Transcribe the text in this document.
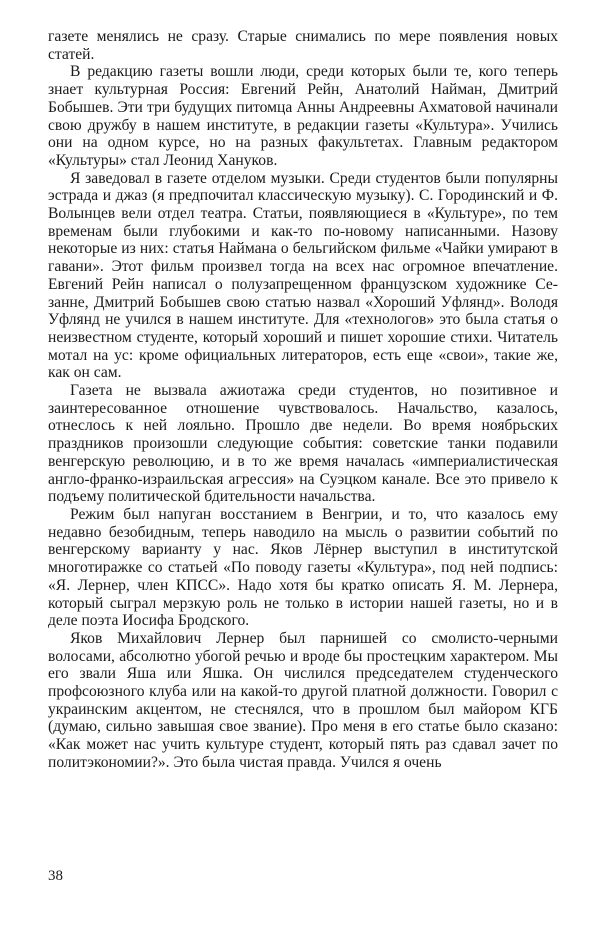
газете менялись не сразу. Старые снимались по мере появления новых статей.

В редакцию газеты вошли люди, среди которых были те, кого теперь знает культурная Россия: Евгений Рейн, Анатолий Найман, Дмитрий Бобышев. Эти три будущих питомца Анны Андреевны Ахматовой начинали свою дружбу в нашем институте, в редакции газеты «Культура». Учились они на одном курсе, но на разных факультетах. Главным редактором «Культуры» стал Леонид Хануков.

Я заведовал в газете отделом музыки. Среди студентов были популярны эстрада и джаз (я предпочитал классическую музыку). С. Городинский и Ф. Волынцев вели отдел театра. Статьи, появляющиеся в «Культуре», по тем временам были глубокими и как-то по-новому написанными. Назову некоторые из них: статья Наймана о бельгийском фильме «Чайки умирают в гавани». Этот фильм произвел тогда на всех нас огромное впечатление. Евгений Рейн написал о полузапрещенном французском художнике Сезанне, Дмитрий Бобышев свою статью назвал «Хороший Уфлянд». Володя Уфлянд не учился в нашем институте. Для «технологов» это была статья о неизвестном студенте, который хороший и пишет хорошие стихи. Читатель мотал на ус: кроме официальных литераторов, есть еще «свои», такие же, как он сам.

Газета не вызвала ажиотажа среди студентов, но позитивное и заинтересованное отношение чувствовалось. Начальство, казалось, отнеслось к ней лояльно. Прошло две недели. Во время ноябрьских праздников произошли следующие события: советские танки подавили венгерскую революцию, и в то же время началась «империалистическая англо-франко-израильская агрессия» на Суэцком канале. Все это привело к подъему политической бдительности начальства.

Режим был напуган восстанием в Венгрии, и то, что казалось ему недавно безобидным, теперь наводило на мысль о развитии событий по венгерскому варианту у нас. Яков Лёрнер выступил в институтской многотиражке со статьей «По поводу газеты «Культура», под ней подпись: «Я. Лернер, член КПСС». Надо хотя бы кратко описать Я. М. Лернера, который сыграл мерзкую роль не только в истории нашей газеты, но и в деле поэта Иосифа Бродского.

Яков Михайлович Лернер был парнишей со смолисто-черными волосами, абсолютно убогой речью и вроде бы простецким характером. Мы его звали Яша или Яшка. Он числился председателем студенческого профсоюзного клуба или на какой-то другой платной должности. Говорил с украинским акцентом, не стеснялся, что в прошлом был майором КГБ (думаю, сильно завышая свое звание). Про меня в его статье было сказано: «Как может нас учить культуре студент, который пять раз сдавал зачет по политэкономии?». Это была чистая правда. Учился я очень

38
